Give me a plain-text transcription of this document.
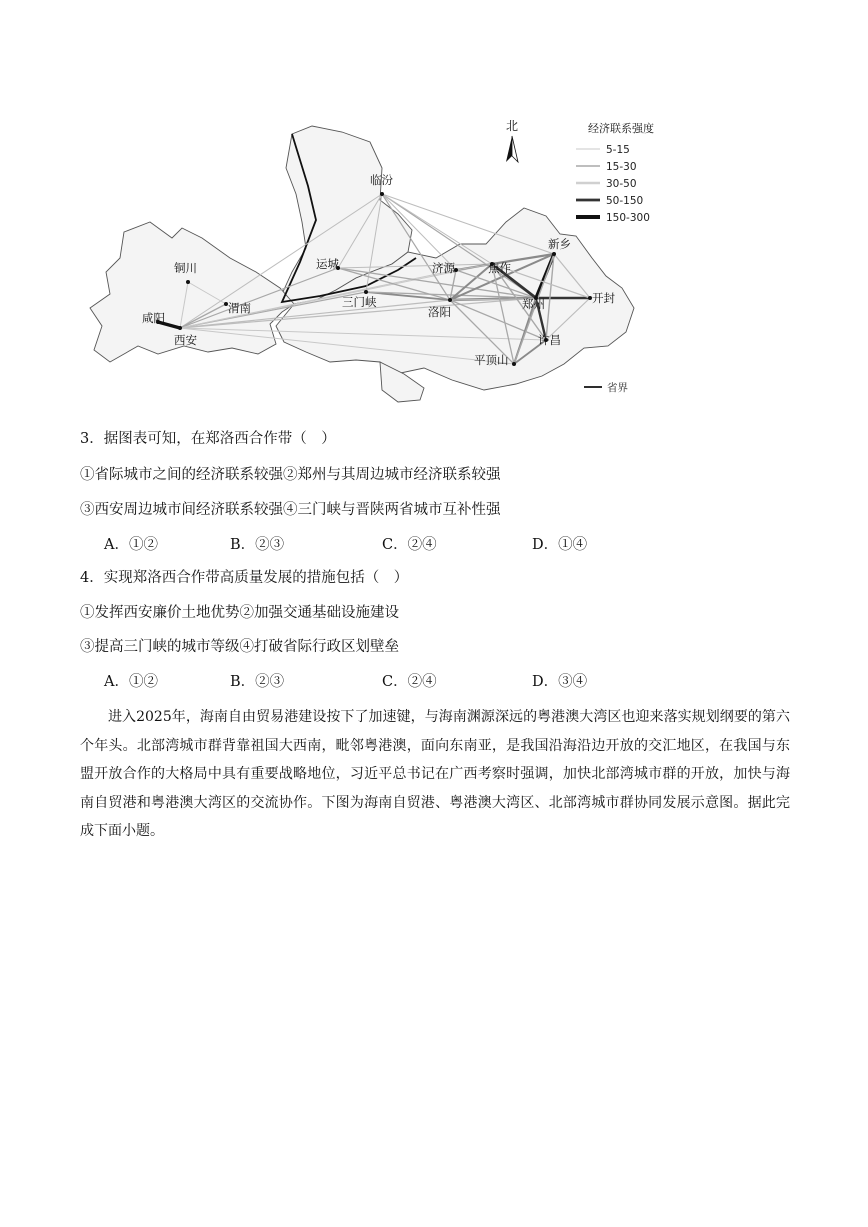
临汾
铜川	运城	济源	焦作
新乡
渭南
咸阳
西安
三门峡
洛阳
郑州	开封
许昌
平顶山
北	经济联系强度
5-15
15-30
30-50
50-150
150-300
省界
3．据图表可知，在郑洛西合作带（　）
①省际城市之间的经济联系较强②郑州与其周边城市经济联系较强
③西安周边城市间经济联系较强④三门峡与晋陕两省城市互补性强
A．①②	B．②③	C．②④	D．①④
4．实现郑洛西合作带高质量发展的措施包括（　）
①发挥西安廉价土地优势②加强交通基础设施建设
③提高三门峡的城市等级④打破省际行政区划壁垒
A．①②	B．②③	C．②④	D．③④
进入2025年，海南自由贸易港建设按下了加速键，与海南渊源深远的粤港澳大湾区也迎来落实规划纲要的第六个年头。北部湾城市群背靠祖国大西南，毗邻粤港澳，面向东南亚，是我国沿海沿边开放的交汇地区，在我国与东盟开放合作的大格局中具有重要战略地位，习近平总书记在广西考察时强调，加快北部湾城市群的开放，加快与海南自贸港和粤港澳大湾区的交流协作。下图为海南自贸港、粤港澳大湾区、北部湾城市群协同发展示意图。据此完成下面小题。
